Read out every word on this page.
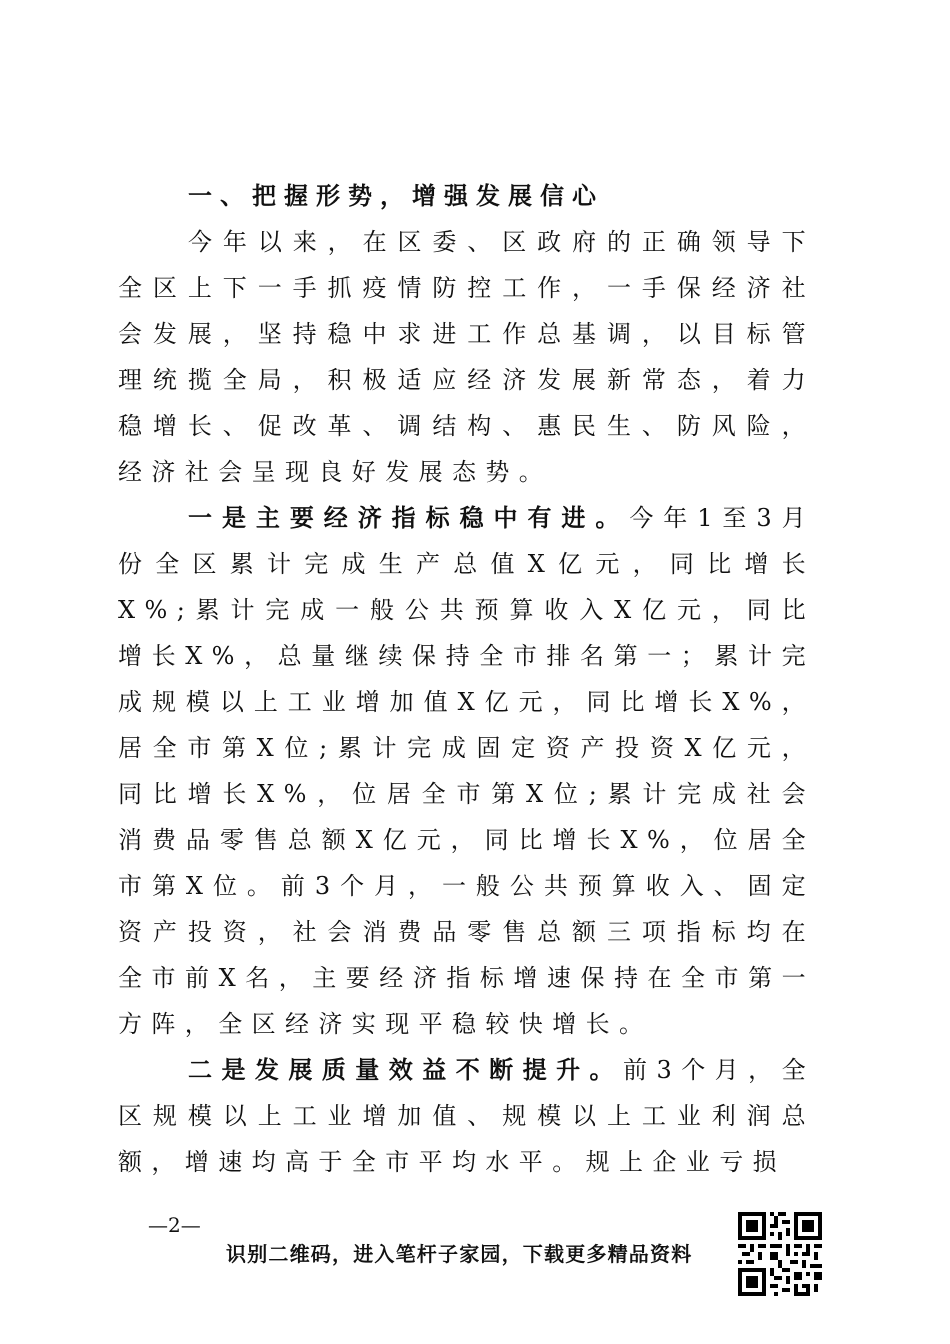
一、把握形势，增强发展信心

今年以来，在区委、区政府的正确领导下全区上下一手抓疫情防控工作，一手保经济社会发展，坚持稳中求进工作总基调，以目标管理统揽全局，积极适应经济发展新常态，着力稳增长、促改革、调结构、惠民生、防风险，经济社会呈现良好发展态势。

一是主要经济指标稳中有进。今年1至3月份全区累计完成生产总值X亿元，同比增长X%;累计完成一般公共预算收入X亿元，同比增长X%，总量继续保持全市排名第一；累计完成规模以上工业增加值X亿元，同比增长X%，居全市第X位;累计完成固定资产投资X亿元，同比增长X%，位居全市第X位;累计完成社会消费品零售总额X亿元，同比增长X%，位居全市第X位。前3个月，一般公共预算收入、固定资产投资，社会消费品零售总额三项指标均在全市前X名，主要经济指标增速保持在全市第一方阵，全区经济实现平稳较快增长。

二是发展质量效益不断提升。前3个月，全区规模以上工业增加值、规模以上工业利润总额，增速均高于全市平均水平。规上企业亏损

—2—
识别二维码，进入笔杆子家园，下载更多精品资料
